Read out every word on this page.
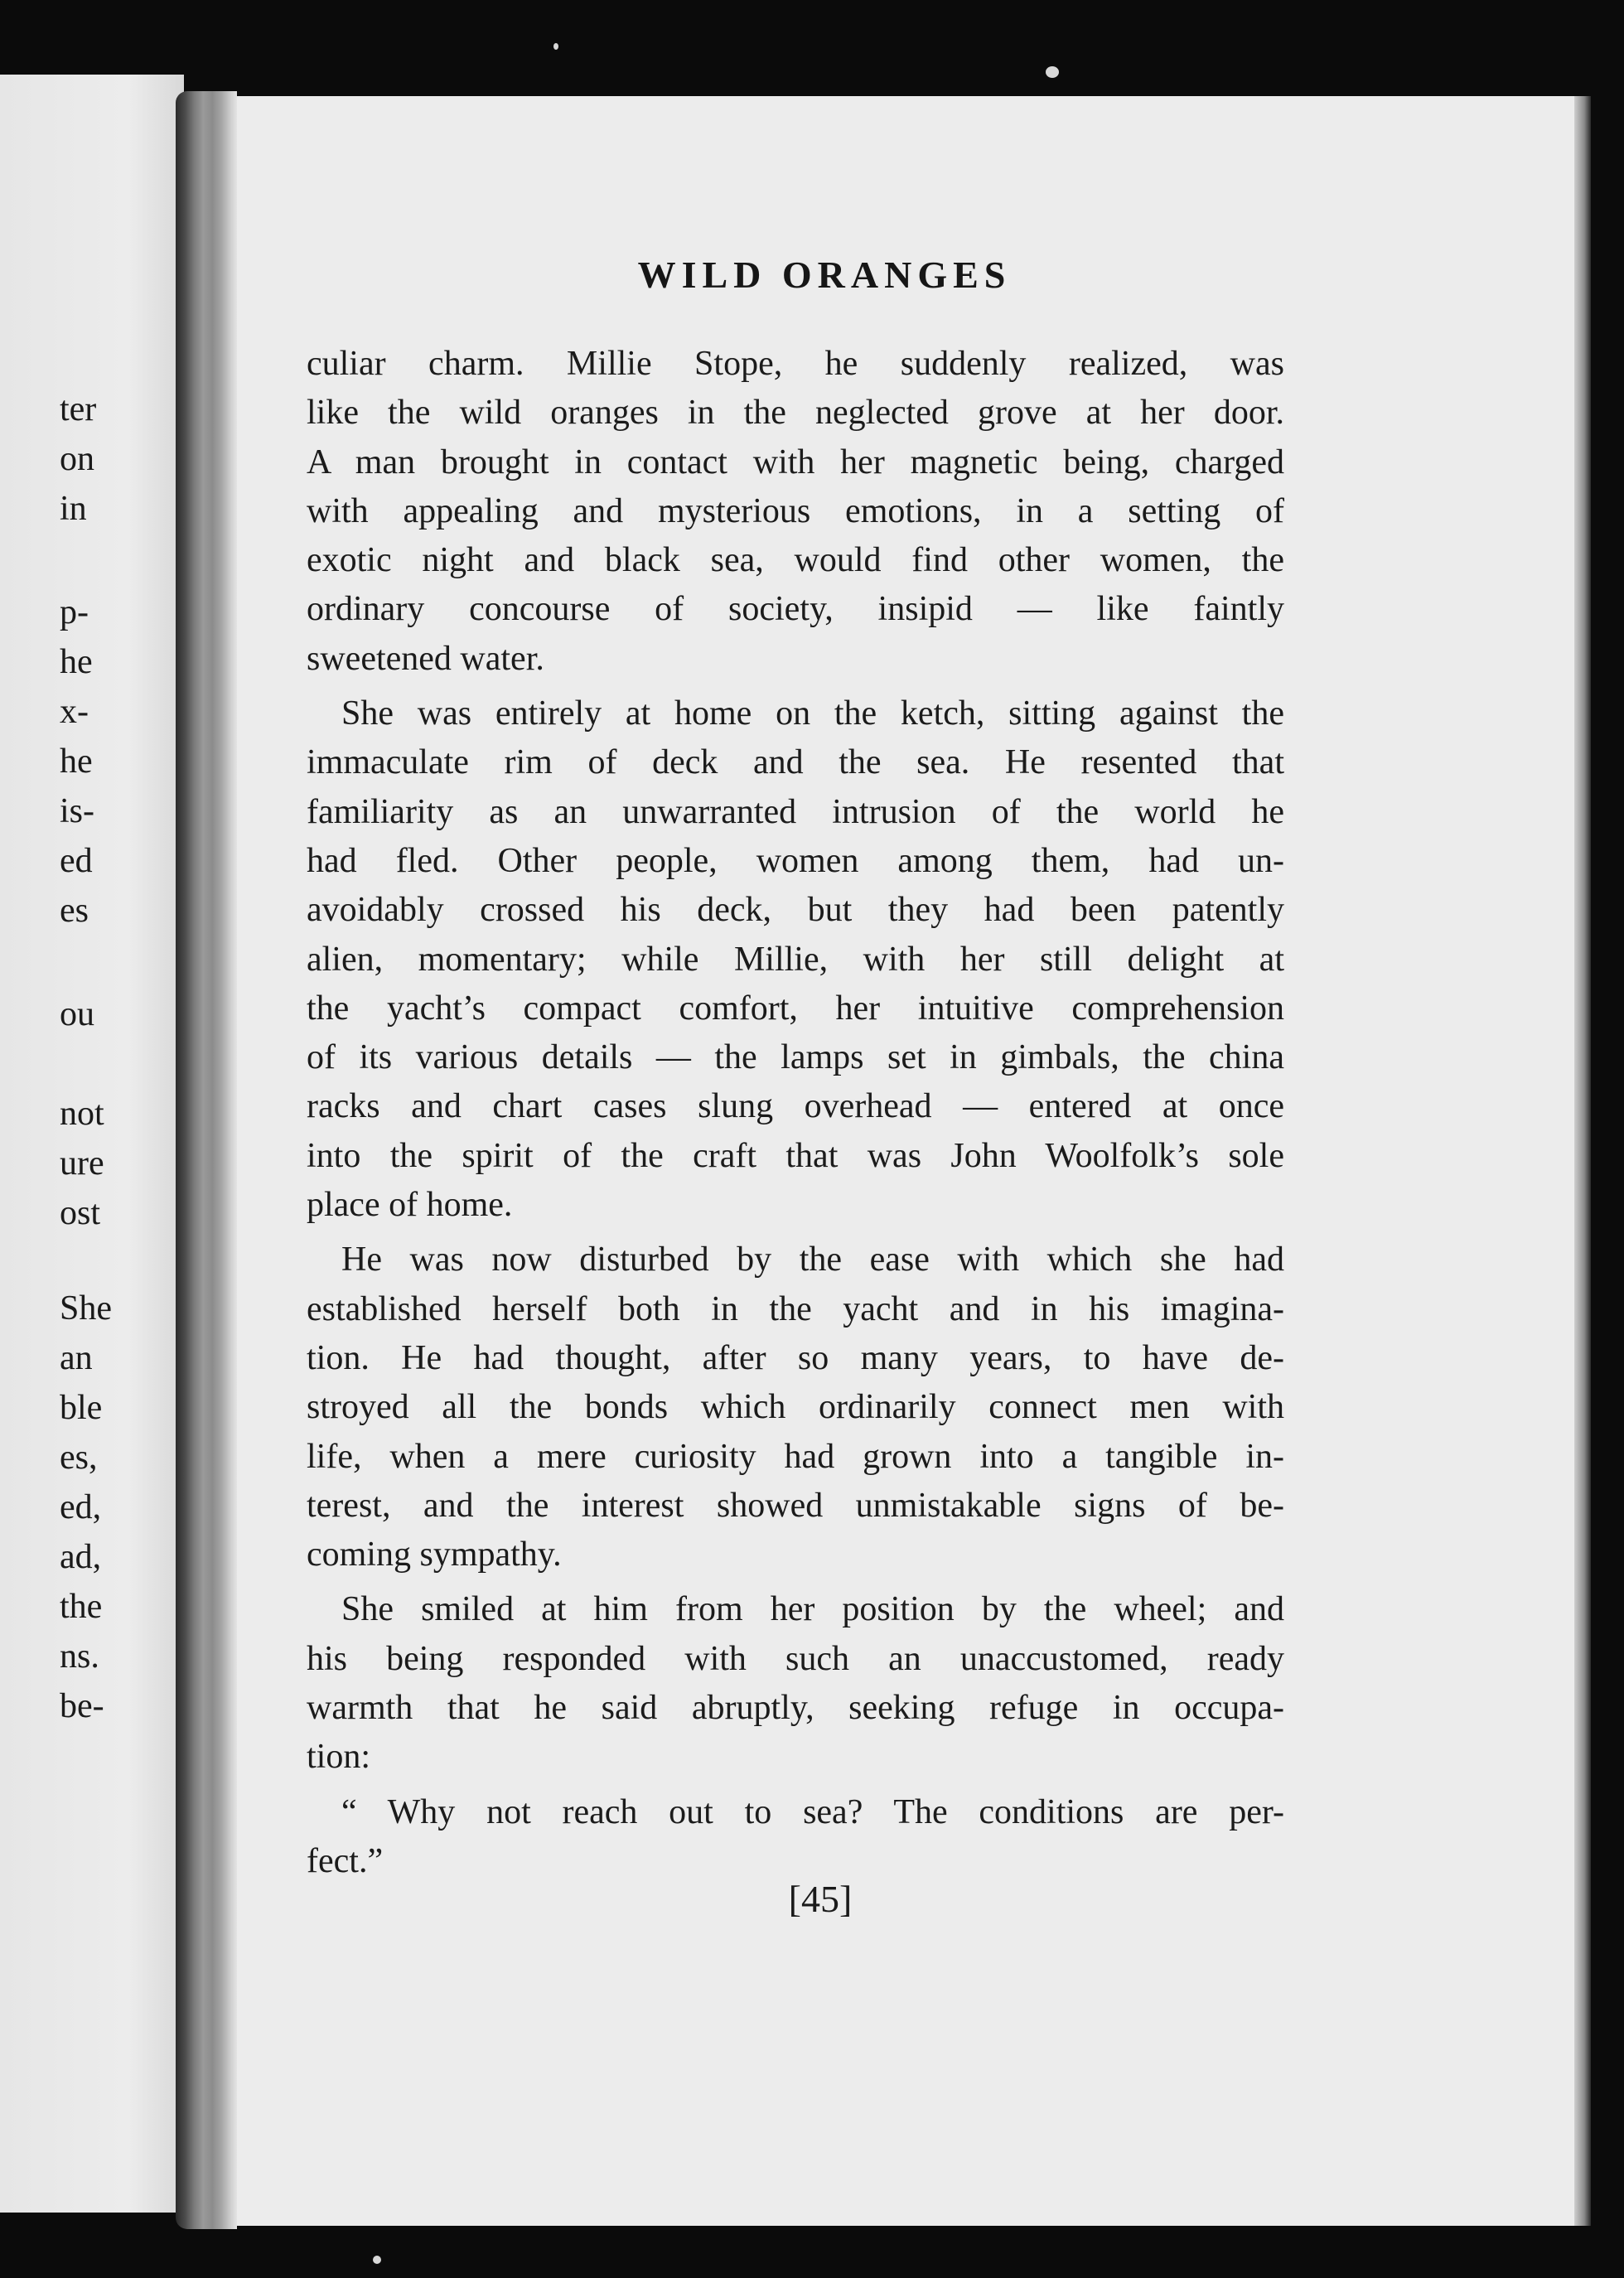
ter
on
in
p-
he
x-
he
is-
ed
es
ou
not
ure
ost
She
an
ble
es,
ed,
ad,
the
ns.
be-
WILD ORANGES
culiar charm. Millie Stope, he suddenly realized, was
like the wild oranges in the neglected grove at her door.
A man brought in contact with her magnetic being, charged
with appealing and mysterious emotions, in a setting of
exotic night and black sea, would find other women, the
ordinary concourse of society, insipid — like faintly
sweetened water.
She was entirely at home on the ketch, sitting against the
immaculate rim of deck and the sea. He resented that
familiarity as an unwarranted intrusion of the world he
had fled. Other people, women among them, had un-
avoidably crossed his deck, but they had been patently
alien, momentary; while Millie, with her still delight at
the yacht’s compact comfort, her intuitive comprehension
of its various details — the lamps set in gimbals, the china
racks and chart cases slung overhead — entered at once
into the spirit of the craft that was John Woolfolk’s sole
place of home.
He was now disturbed by the ease with which she had
established herself both in the yacht and in his imagina-
tion. He had thought, after so many years, to have de-
stroyed all the bonds which ordinarily connect men with
life, when a mere curiosity had grown into a tangible in-
terest, and the interest showed unmistakable signs of be-
coming sympathy.
She smiled at him from her position by the wheel; and
his being responded with such an unaccustomed, ready
warmth that he said abruptly, seeking refuge in occupa-
tion:
“ Why not reach out to sea? The conditions are per-
fect.”
[45]
